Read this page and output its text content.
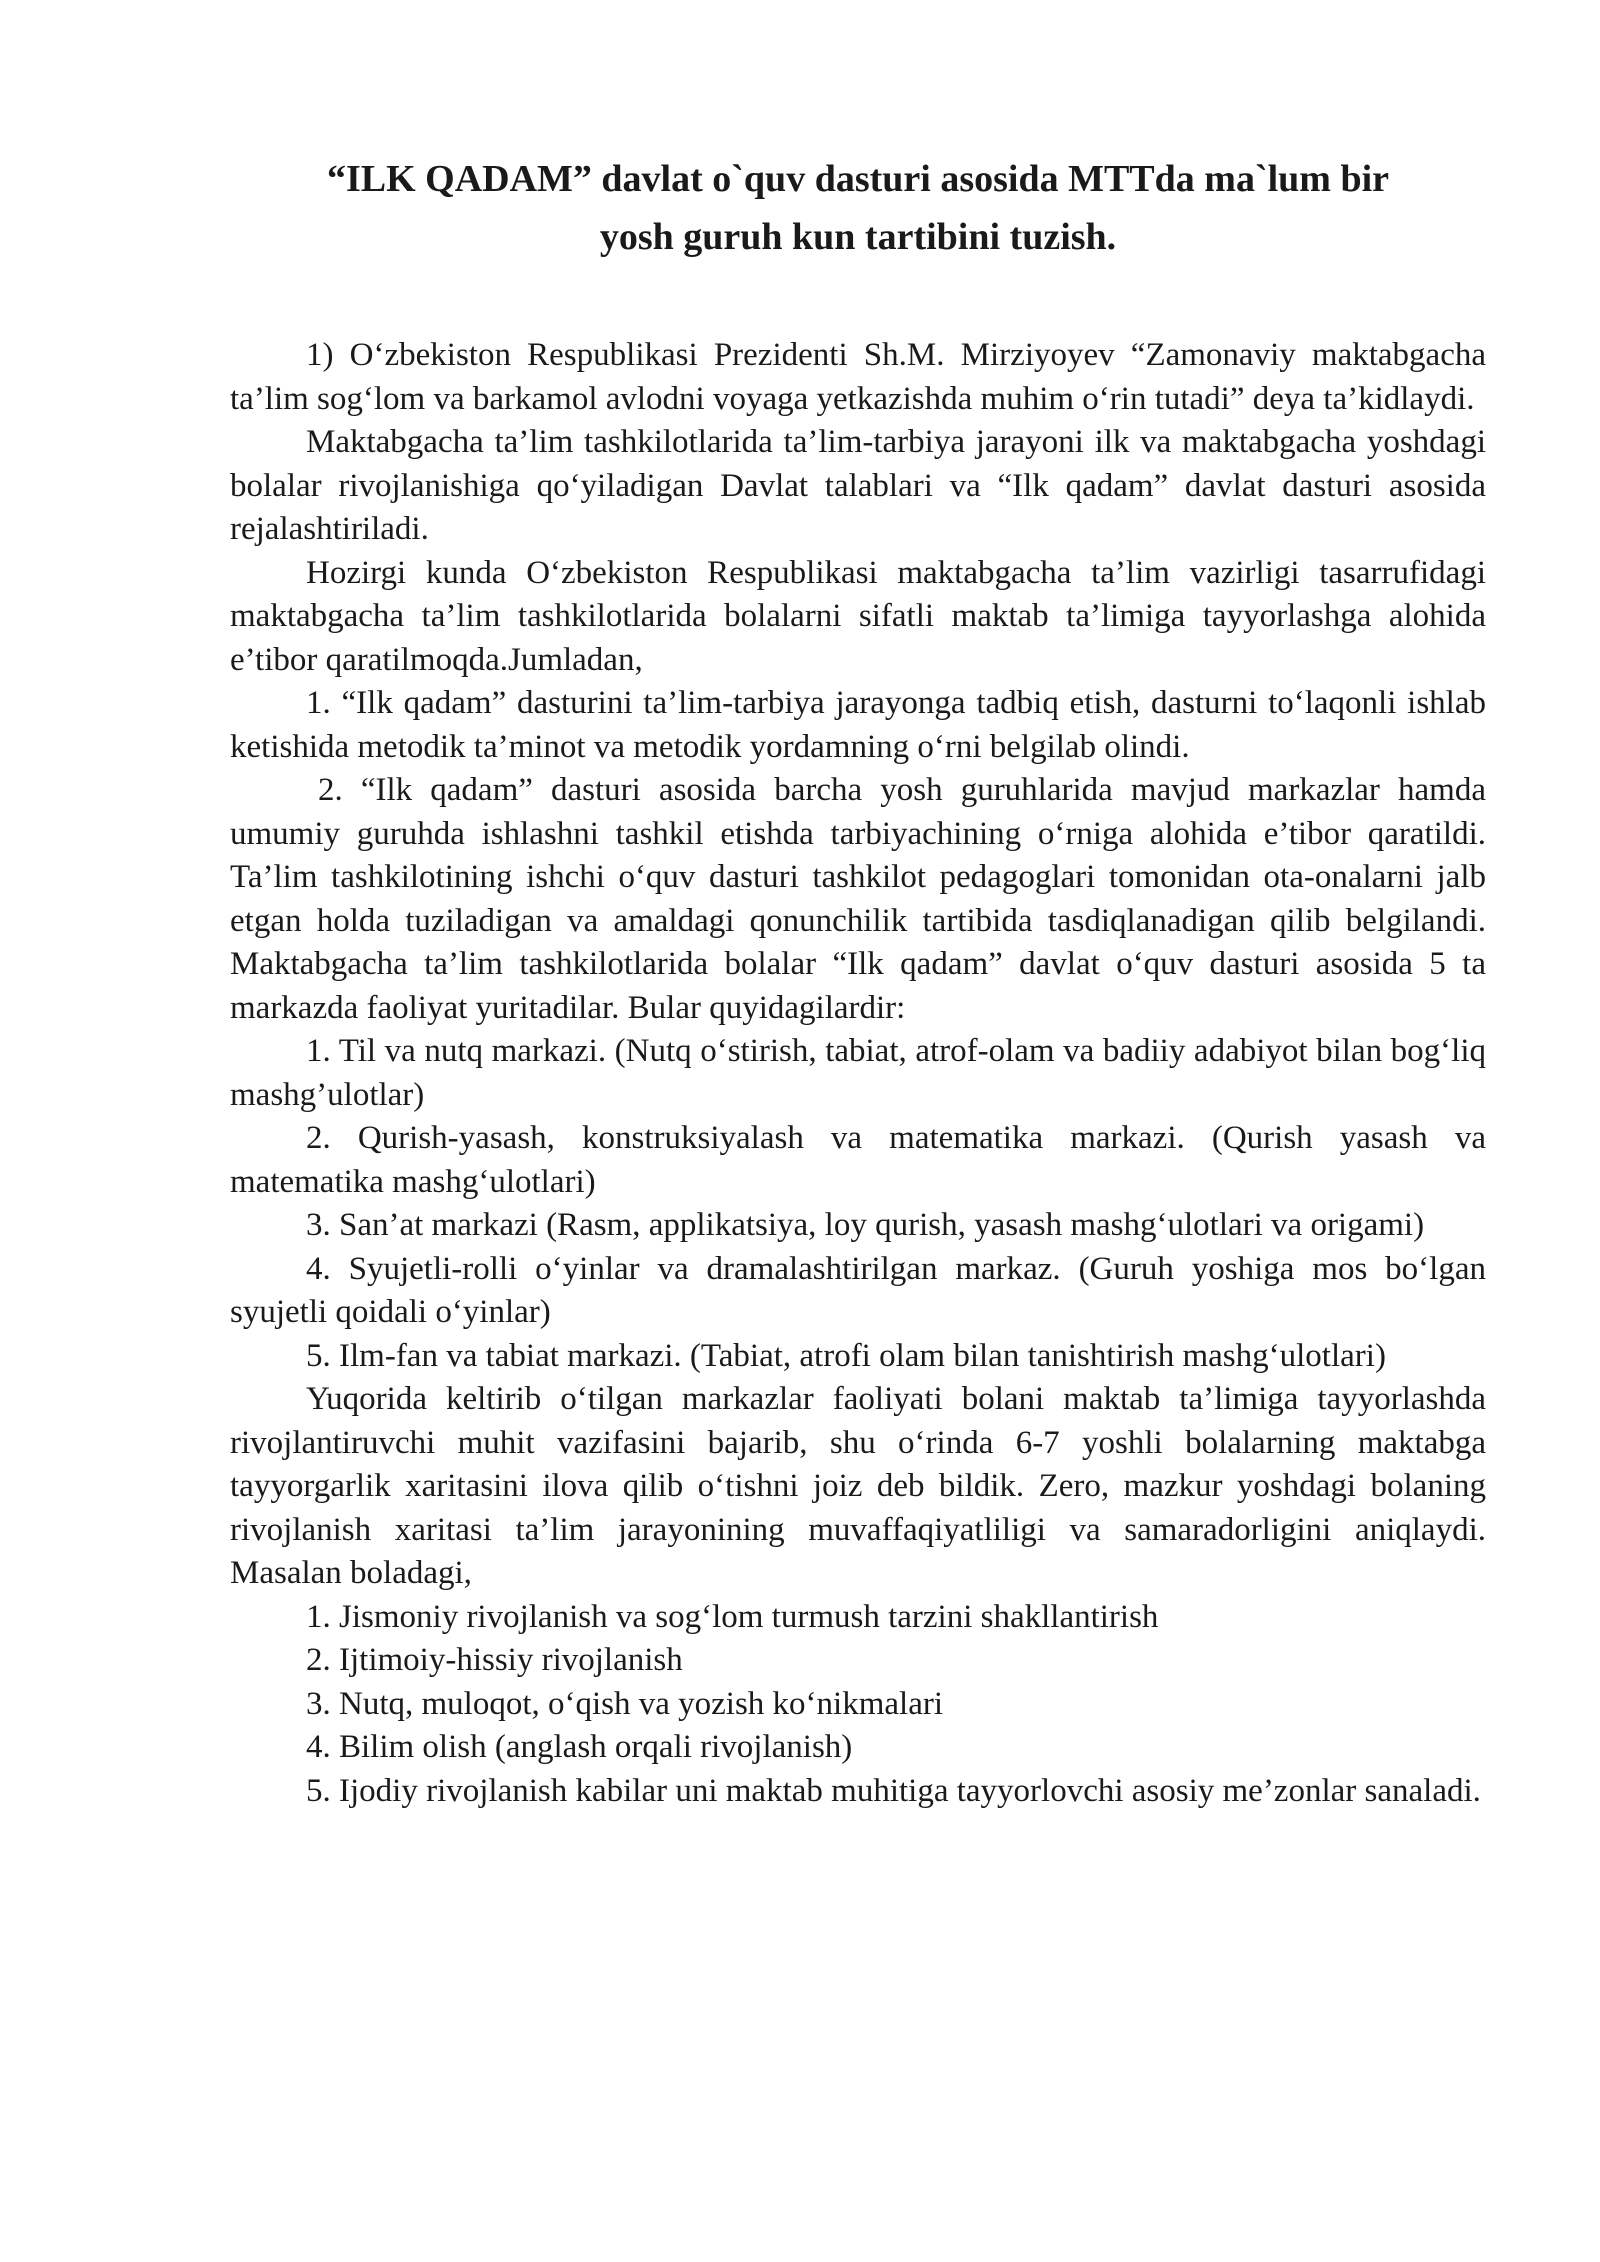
“ILK QADAM” davlat o`quv dasturi asosida MTTda ma`lum bir
yosh guruh kun tartibini tuzish.

1) O‘zbekiston Respublikasi Prezidenti Sh.M. Mirziyoyev “Zamonaviy maktabgacha ta’lim sog‘lom va barkamol avlodni voyaga yetkazishda muhim o‘rin tutadi” deya ta’kidlaydi.

Maktabgacha ta’lim tashkilotlarida ta’lim-tarbiya jarayoni ilk va maktabgacha yoshdagi bolalar rivojlanishiga qo‘yiladigan Davlat talablari va “Ilk qadam” davlat dasturi asosida rejalashtiriladi.

Hozirgi kunda O‘zbekiston Respublikasi maktabgacha ta’lim vazirligi tasarrufidagi maktabgacha ta’lim tashkilotlarida bolalarni sifatli maktab ta’limiga tayyorlashga alohida e’tibor qaratilmoqda.Jumladan,

1. “Ilk qadam” dasturini ta’lim-tarbiya jarayonga tadbiq etish, dasturni to‘laqonli ishlab ketishida metodik ta’minot va metodik yordamning o‘rni belgilab olindi.

2. “Ilk qadam” dasturi asosida barcha yosh guruhlarida mavjud markazlar hamda umumiy guruhda ishlashni tashkil etishda tarbiyachining o‘rniga alohida e’tibor qaratildi. Ta’lim tashkilotining ishchi o‘quv dasturi tashkilot pedagoglari tomonidan ota-onalarni jalb etgan holda tuziladigan va amaldagi qonunchilik tartibida tasdiqlanadigan qilib belgilandi. Maktabgacha ta’lim tashkilotlarida bolalar “Ilk qadam” davlat o‘quv dasturi asosida 5 ta markazda faoliyat yuritadilar. Bular quyidagilardir:

1. Til va nutq markazi. (Nutq o‘stirish, tabiat, atrof-olam va badiiy adabiyot bilan bog‘liq mashg’ulotlar)

2. Qurish-yasash, konstruksiyalash va matematika markazi. (Qurish yasash va matematika mashg‘ulotlari)

3. San’at markazi (Rasm, applikatsiya, loy qurish, yasash mashg‘ulotlari va origami)

4. Syujetli-rolli o‘yinlar va dramalashtirilgan markaz. (Guruh yoshiga mos bo‘lgan syujetli qoidali o‘yinlar)

5. Ilm-fan va tabiat markazi. (Tabiat, atrofi olam bilan tanishtirish mashg‘ulotlari)

Yuqorida keltirib o‘tilgan markazlar faoliyati bolani maktab ta’limiga tayyorlashda rivojlantiruvchi muhit vazifasini bajarib, shu o‘rinda 6-7 yoshli bolalarning maktabga tayyorgarlik xaritasini ilova qilib o‘tishni joiz deb bildik. Zero, mazkur yoshdagi bolaning rivojlanish xaritasi ta’lim jarayonining muvaffaqiyatliligi va samaradorligini aniqlaydi. Masalan boladagi,

1. Jismoniy rivojlanish va sog‘lom turmush tarzini shakllantirish

2. Ijtimoiy-hissiy rivojlanish

3. Nutq, muloqot, o‘qish va yozish ko‘nikmalari

4. Bilim olish (anglash orqali rivojlanish)

5. Ijodiy rivojlanish kabilar uni maktab muhitiga tayyorlovchi asosiy me’zonlar sanaladi.
